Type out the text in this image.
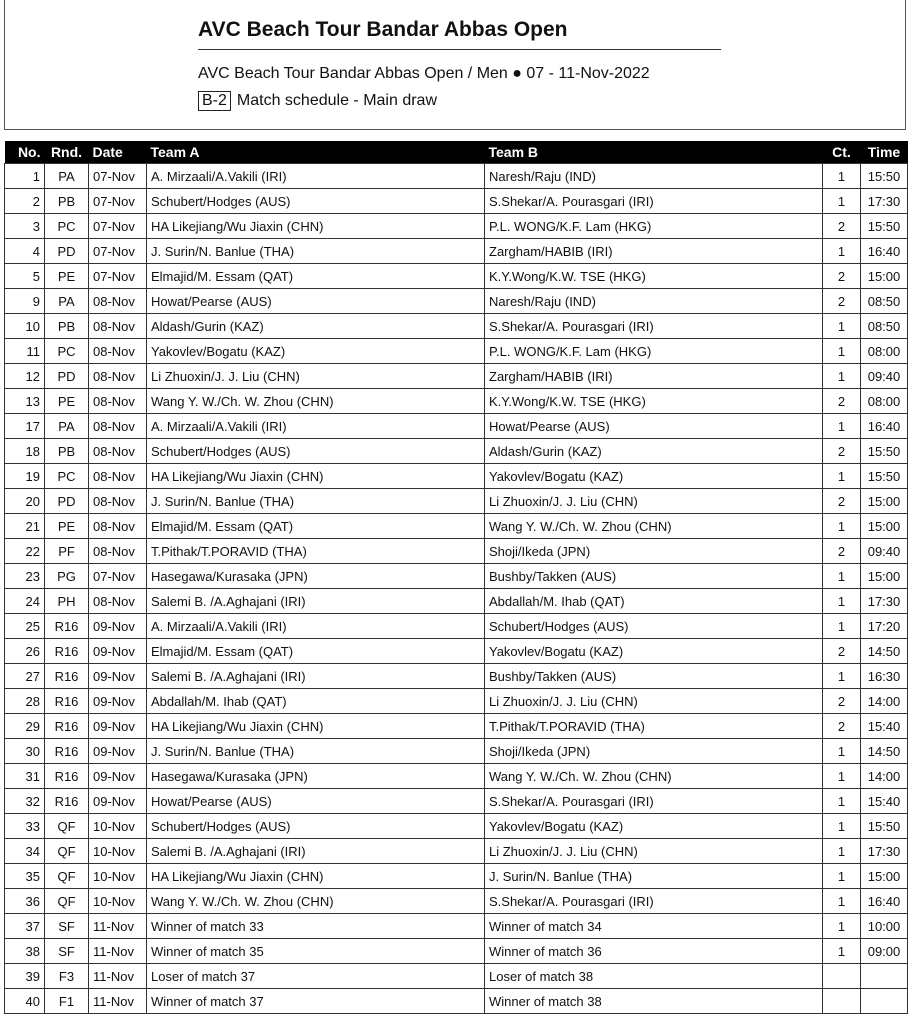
AVC Beach Tour Bandar Abbas Open
AVC Beach Tour Bandar Abbas Open / Men ● 07 - 11-Nov-2022
B-2 Match schedule - Main draw
No.	Rnd.	Date	Team A	Team B	Ct.	Time
1	PA	07-Nov	A. Mirzaali/A.Vakili (IRI)	Naresh/Raju (IND)	1	15:50
2	PB	07-Nov	Schubert/Hodges (AUS)	S.Shekar/A. Pourasgari (IRI)	1	17:30
3	PC	07-Nov	HA Likejiang/Wu Jiaxin (CHN)	P.L. WONG/K.F. Lam (HKG)	2	15:50
4	PD	07-Nov	J. Surin/N. Banlue (THA)	Zargham/HABIB (IRI)	1	16:40
5	PE	07-Nov	Elmajid/M. Essam (QAT)	K.Y.Wong/K.W. TSE (HKG)	2	15:00
9	PA	08-Nov	Howat/Pearse (AUS)	Naresh/Raju (IND)	2	08:50
10	PB	08-Nov	Aldash/Gurin (KAZ)	S.Shekar/A. Pourasgari (IRI)	1	08:50
11	PC	08-Nov	Yakovlev/Bogatu (KAZ)	P.L. WONG/K.F. Lam (HKG)	1	08:00
12	PD	08-Nov	Li Zhuoxin/J. J. Liu (CHN)	Zargham/HABIB (IRI)	1	09:40
13	PE	08-Nov	Wang Y. W./Ch. W. Zhou (CHN)	K.Y.Wong/K.W. TSE (HKG)	2	08:00
17	PA	08-Nov	A. Mirzaali/A.Vakili (IRI)	Howat/Pearse (AUS)	1	16:40
18	PB	08-Nov	Schubert/Hodges (AUS)	Aldash/Gurin (KAZ)	2	15:50
19	PC	08-Nov	HA Likejiang/Wu Jiaxin (CHN)	Yakovlev/Bogatu (KAZ)	1	15:50
20	PD	08-Nov	J. Surin/N. Banlue (THA)	Li Zhuoxin/J. J. Liu (CHN)	2	15:00
21	PE	08-Nov	Elmajid/M. Essam (QAT)	Wang Y. W./Ch. W. Zhou (CHN)	1	15:00
22	PF	08-Nov	T.Pithak/T.PORAVID (THA)	Shoji/Ikeda (JPN)	2	09:40
23	PG	07-Nov	Hasegawa/Kurasaka (JPN)	Bushby/Takken (AUS)	1	15:00
24	PH	08-Nov	Salemi B. /A.Aghajani (IRI)	Abdallah/M. Ihab (QAT)	1	17:30
25	R16	09-Nov	A. Mirzaali/A.Vakili (IRI)	Schubert/Hodges (AUS)	1	17:20
26	R16	09-Nov	Elmajid/M. Essam (QAT)	Yakovlev/Bogatu (KAZ)	2	14:50
27	R16	09-Nov	Salemi B. /A.Aghajani (IRI)	Bushby/Takken (AUS)	1	16:30
28	R16	09-Nov	Abdallah/M. Ihab (QAT)	Li Zhuoxin/J. J. Liu (CHN)	2	14:00
29	R16	09-Nov	HA Likejiang/Wu Jiaxin (CHN)	T.Pithak/T.PORAVID (THA)	2	15:40
30	R16	09-Nov	J. Surin/N. Banlue (THA)	Shoji/Ikeda (JPN)	1	14:50
31	R16	09-Nov	Hasegawa/Kurasaka (JPN)	Wang Y. W./Ch. W. Zhou (CHN)	1	14:00
32	R16	09-Nov	Howat/Pearse (AUS)	S.Shekar/A. Pourasgari (IRI)	1	15:40
33	QF	10-Nov	Schubert/Hodges (AUS)	Yakovlev/Bogatu (KAZ)	1	15:50
34	QF	10-Nov	Salemi B. /A.Aghajani (IRI)	Li Zhuoxin/J. J. Liu (CHN)	1	17:30
35	QF	10-Nov	HA Likejiang/Wu Jiaxin (CHN)	J. Surin/N. Banlue (THA)	1	15:00
36	QF	10-Nov	Wang Y. W./Ch. W. Zhou (CHN)	S.Shekar/A. Pourasgari (IRI)	1	16:40
37	SF	11-Nov	Winner of match 33	Winner of match 34	1	10:00
38	SF	11-Nov	Winner of match 35	Winner of match 36	1	09:00
39	F3	11-Nov	Loser of match 37	Loser of match 38		
40	F1	11-Nov	Winner of match 37	Winner of match 38		
